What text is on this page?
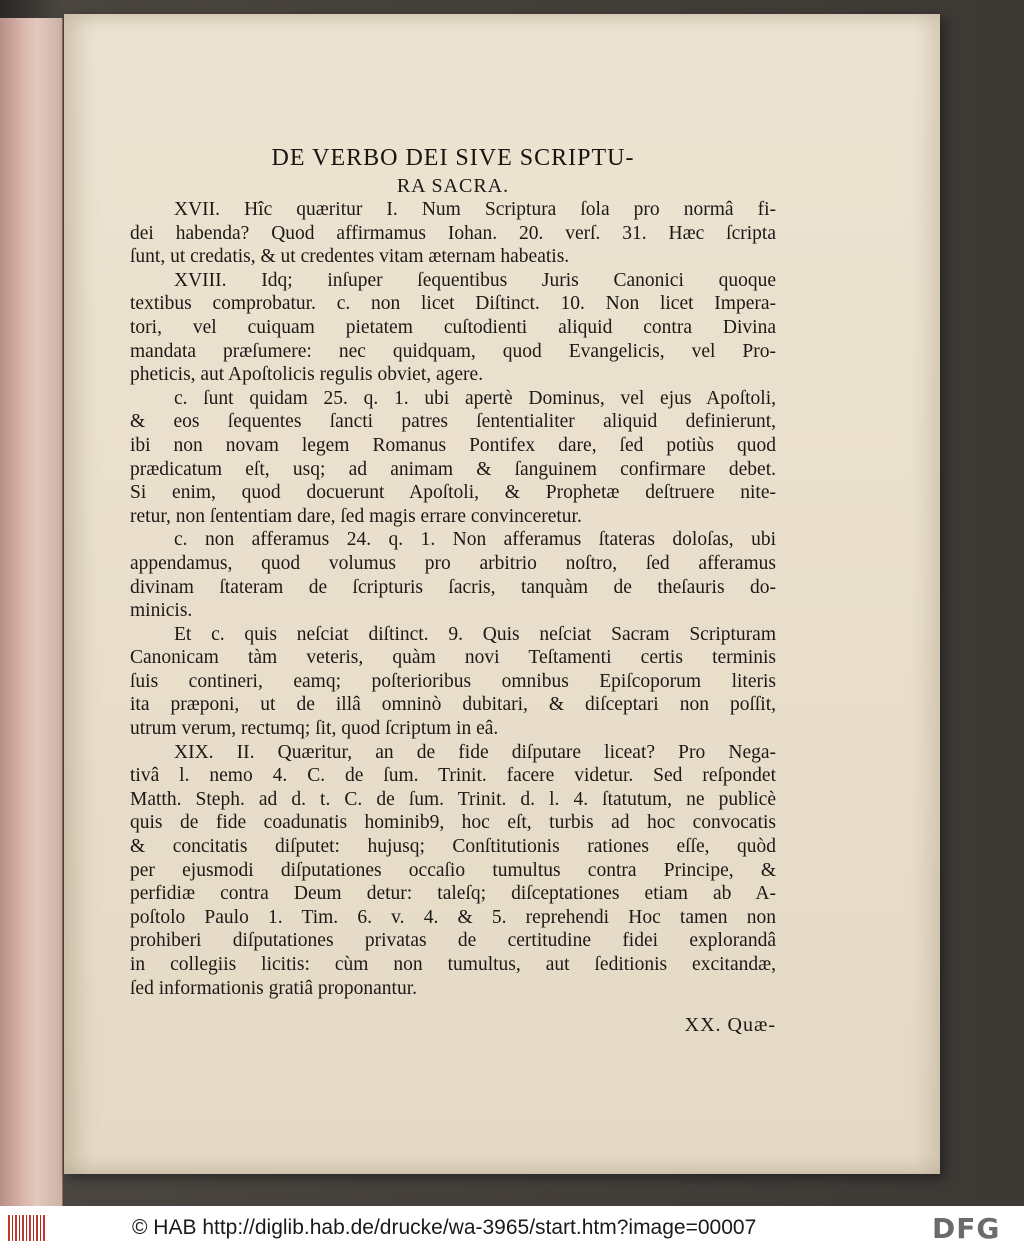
DE VERBO DEI SIVE SCRIPTU-
RA SACRA.
XVII. Hîc quæritur I. Num Scriptura ſola pro normâ fi-
dei habenda? Quod affirmamus Iohan. 20. verſ. 31. Hæc ſcripta
ſunt, ut credatis, & ut credentes vitam æternam habeatis.
XVIII. Idq; inſuper ſequentibus Juris Canonici quoque
textibus comprobatur. c. non licet Diſtinct. 10. Non licet Impera-
tori, vel cuiquam pietatem cuſtodienti aliquid contra Divina
mandata præſumere: nec quidquam, quod Evangelicis, vel Pro-
pheticis, aut Apoſtolicis regulis obviet, agere.
c. ſunt quidam 25. q. 1. ubi apertè Dominus, vel ejus Apoſtoli,
& eos ſequentes ſancti patres ſententialiter aliquid definierunt,
ibi non novam legem Romanus Pontifex dare, ſed potiùs quod
prædicatum eſt, usq; ad animam & ſanguinem confirmare debet.
Si enim, quod docuerunt Apoſtoli, & Prophetæ deſtruere nite-
retur, non ſententiam dare, ſed magis errare convinceretur.
c. non afferamus 24. q. 1. Non afferamus ſtateras doloſas, ubi
appendamus, quod volumus pro arbitrio noſtro, ſed afferamus
divinam ſtateram de ſcripturis ſacris, tanquàm de theſauris do-
minicis.
Et c. quis neſciat diſtinct. 9. Quis neſciat Sacram Scripturam
Canonicam tàm veteris, quàm novi Teſtamenti certis terminis
ſuis contineri, eamq; poſterioribus omnibus Epiſcoporum literis
ita præponi, ut de illâ omninò dubitari, & diſceptari non poſſit,
utrum verum, rectumq; ſit, quod ſcriptum in eâ.
XIX. II. Quæritur, an de fide diſputare liceat? Pro Nega-
tivâ l. nemo 4. C. de ſum. Trinit. facere videtur. Sed reſpondet
Matth. Steph. ad d. t. C. de ſum. Trinit. d. l. 4. ſtatutum, ne publicè
quis de fide coadunatis hominib9, hoc eſt, turbis ad hoc convocatis
& concitatis diſputet: hujusq; Conſtitutionis rationes eſſe, quòd
per ejusmodi diſputationes occaſio tumultus contra Principe, &
perfidiæ contra Deum detur: taleſq; diſceptationes etiam ab A-
poſtolo Paulo 1. Tim. 6. v. 4. & 5. reprehendi Hoc tamen non
prohiberi diſputationes privatas de certitudine fidei explorandâ
in collegiis licitis: cùm non tumultus, aut ſeditionis excitandæ,
ſed informationis gratiâ proponantur.
XX. Quæ-
© HAB http://diglib.hab.de/drucke/wa-3965/start.htm?image=00007	DFG
